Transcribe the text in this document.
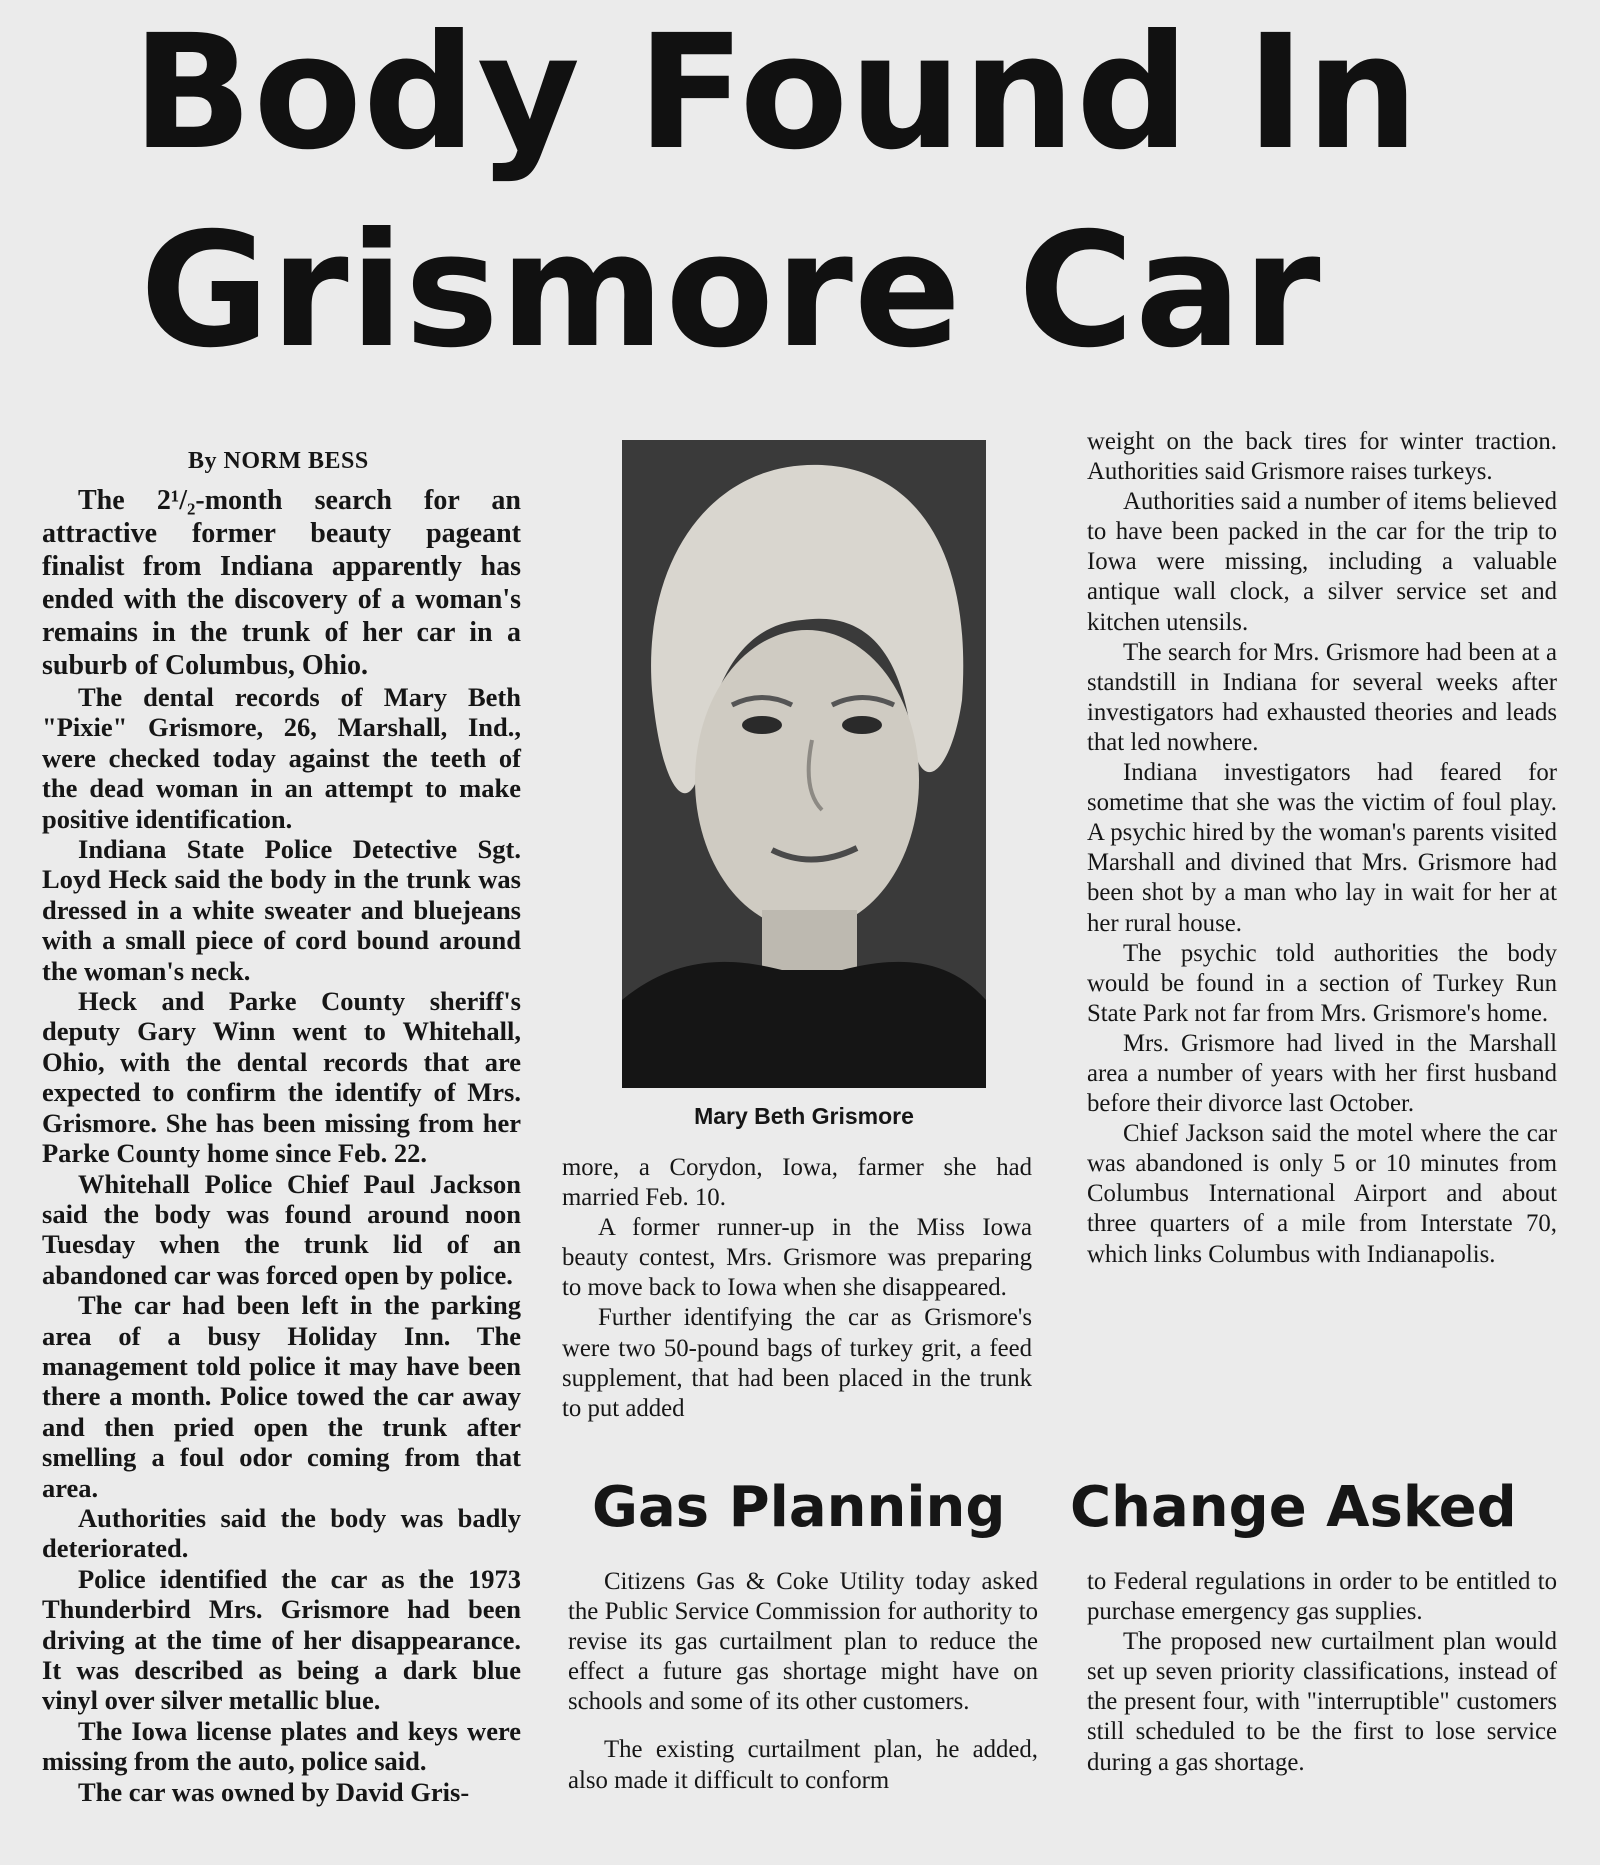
Body Found In
Grismore Car
By NORM BESS

The 2¹/₂-month search for an attractive former beauty pageant finalist from Indiana apparently has ended with the discovery of a woman's remains in the trunk of her car in a suburb of Columbus, Ohio.

The dental records of Mary Beth "Pixie" Grismore, 26, Marshall, Ind., were checked today against the teeth of the dead woman in an attempt to make positive identification.

Indiana State Police Detective Sgt. Loyd Heck said the body in the trunk was dressed in a white sweater and bluejeans with a small piece of cord bound around the woman's neck.

Heck and Parke County sheriff's deputy Gary Winn went to Whitehall, Ohio, with the dental records that are expected to confirm the identify of Mrs. Grismore. She has been missing from her Parke County home since Feb. 22.

Whitehall Police Chief Paul Jackson said the body was found around noon Tuesday when the trunk lid of an abandoned car was forced open by police.

The car had been left in the parking area of a busy Holiday Inn. The management told police it may have been there a month. Police towed the car away and then pried open the trunk after smelling a foul odor coming from that area.

Authorities said the body was badly deteriorated.

Police identified the car as the 1973 Thunderbird Mrs. Grismore had been driving at the time of her disappearance. It was described as being a dark blue vinyl over silver metallic blue.

The Iowa license plates and keys were missing from the auto, police said.

The car was owned by David Gris-

Mary Beth Grismore

more, a Corydon, Iowa, farmer she had married Feb. 10.

A former runner-up in the Miss Iowa beauty contest, Mrs. Grismore was preparing to move back to Iowa when she disappeared.

Further identifying the car as Grismore's were two 50-pound bags of turkey grit, a feed supplement, that had been placed in the trunk to put added

weight on the back tires for winter traction. Authorities said Grismore raises turkeys.

Authorities said a number of items believed to have been packed in the car for the trip to Iowa were missing, including a valuable antique wall clock, a silver service set and kitchen utensils.

The search for Mrs. Grismore had been at a standstill in Indiana for several weeks after investigators had exhausted theories and leads that led nowhere.

Indiana investigators had feared for sometime that she was the victim of foul play. A psychic hired by the woman's parents visited Marshall and divined that Mrs. Grismore had been shot by a man who lay in wait for her at her rural house.

The psychic told authorities the body would be found in a section of Turkey Run State Park not far from Mrs. Grismore's home.

Mrs. Grismore had lived in the Marshall area a number of years with her first husband before their divorce last October.

Chief Jackson said the motel where the car was abandoned is only 5 or 10 minutes from Columbus International Airport and about three quarters of a mile from Interstate 70, which links Columbus with Indianapolis.

Gas Planning Change Asked

Citizens Gas & Coke Utility today asked the Public Service Commission for authority to revise its gas curtailment plan to reduce the effect a future gas shortage might have on schools and some of its other customers.

The existing curtailment plan, he added, also made it difficult to conform

to Federal regulations in order to be entitled to purchase emergency gas supplies.

The proposed new curtailment plan would set up seven priority classifications, instead of the present four, with "interruptible" customers still scheduled to be the first to lose service during a gas shortage.
